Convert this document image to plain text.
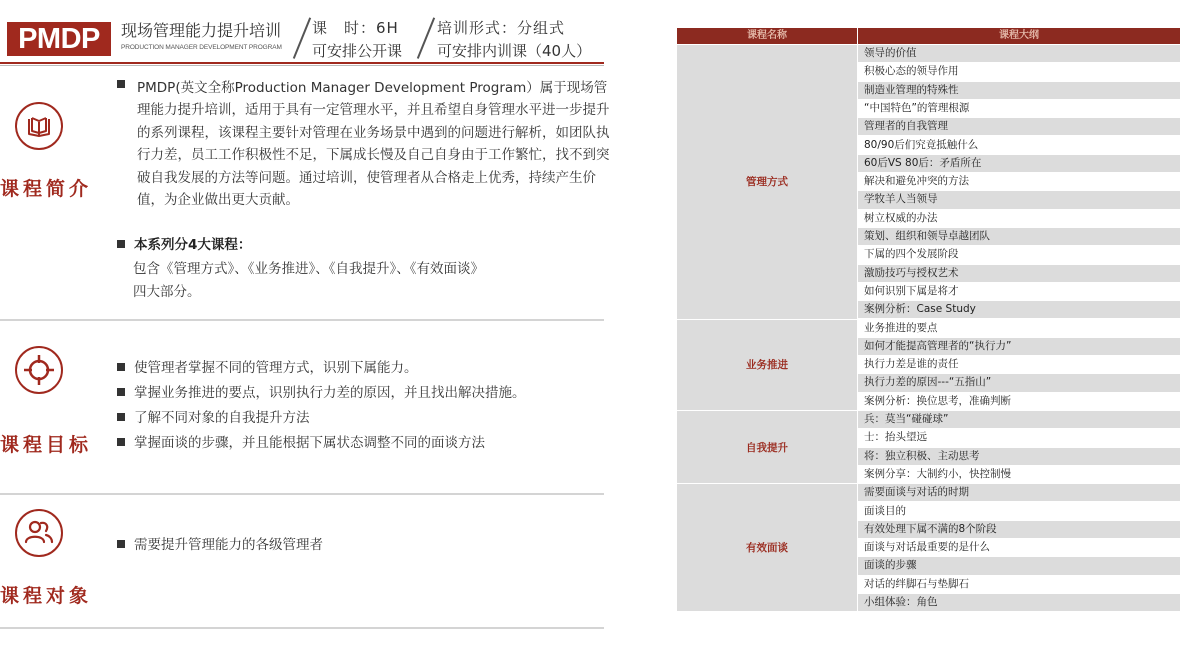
PMDP	现场管理能力提升培训
PRODUCTION MANAGER DEVELOPMENT PROGRAM
课　时：6H
可安排公开课
培训形式：分组式
可安排内训课（40人）
课程简介
PMDP(英文全称Production Manager Development Program）属于现场管理能力提升培训，适用于具有一定管理水平，并且希望自身管理水平进一步提升的系列课程，该课程主要针对管理在业务场景中遇到的问题进行解析，如团队执行力差，员工工作积极性不足，下属成长慢及自己自身由于工作繁忙，找不到突破自我发展的方法等问题。通过培训，使管理者从合格走上优秀，持续产生价值，为企业做出更大贡献。
本系列分4大课程：
包含《管理方式》、《业务推进》、《自我提升》、《有效面谈》
四大部分。
课程目标
使管理者掌握不同的管理方式，识别下属能力。
掌握业务推进的要点，识别执行力差的原因，并且找出解决措施。
了解不同对象的自我提升方法
掌握面谈的步骤，并且能根据下属状态调整不同的面谈方法
课程对象
需要提升管理能力的各级管理者
课程名称	课程大纲
领导的价值
积极心态的领导作用
制造业管理的特殊性
“中国特色”的管理根源
管理者的自我管理
80/90后们究竟抵触什么
60后VS 80后：矛盾所在
解决和避免冲突的方法
学牧羊人当领导
树立权威的办法
策划、组织和领导卓越团队
下属的四个发展阶段
激励技巧与授权艺术
如何识别下属是将才
案例分析：Case Study
管理方式
业务推进的要点
如何才能提高管理者的“执行力”
执行力差是谁的责任
执行力差的原因---“五指山”
案例分析：换位思考，准确判断
业务推进
兵：莫当“碰碰球”
士：抬头望远
将：独立积极、主动思考
案例分享：大制约小，快控制慢
自我提升
需要面谈与对话的时期
面谈目的
有效处理下属不满的8个阶段
面谈与对话最重要的是什么
面谈的步骤
对话的绊脚石与垫脚石
小组体验：角色
有效面谈
